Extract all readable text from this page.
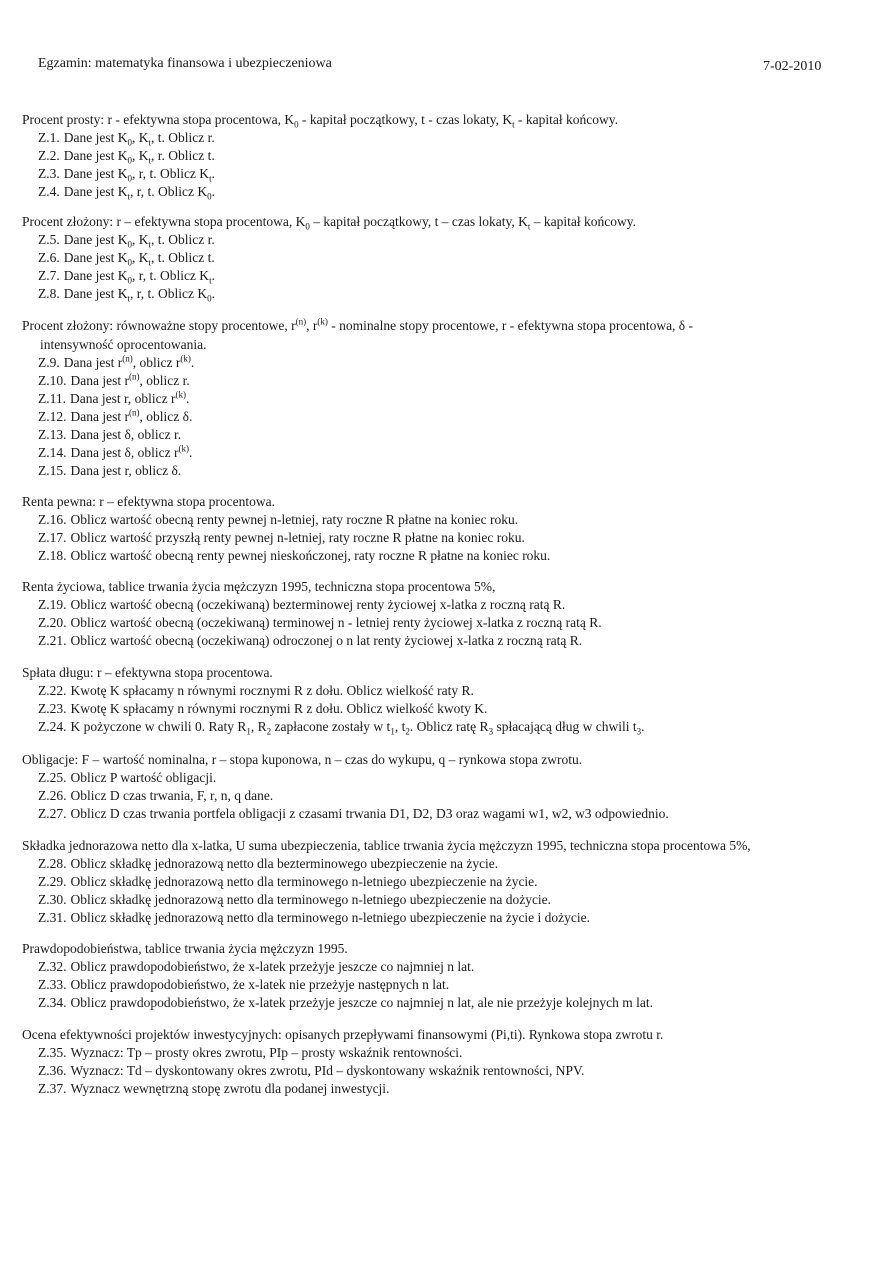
Egzamin: matematyka finansowa i ubezpieczeniowa	7-02-2010
Procent prosty: r - efektywna stopa procentowa, $K_0$ - kapitał początkowy, t - czas lokaty, $K_t$ - kapitał końcowy.
Z.1. Dane jest $K_0$, $K_t$, t. Oblicz r.
Z.2. Dane jest $K_0$, $K_t$, r. Oblicz t.
Z.3. Dane jest $K_0$, r, t. Oblicz $K_t$.
Z.4. Dane jest $K_t$, r, t. Oblicz $K_0$.
Procent złożony: r – efektywna stopa procentowa, $K_0$ – kapitał początkowy, t – czas lokaty, $K_t$ – kapitał końcowy.
Z.5. Dane jest $K_0$, $K_t$, t. Oblicz r.
Z.6. Dane jest $K_0$, $K_t$, t. Oblicz t.
Z.7. Dane jest $K_0$, r, t. Oblicz $K_t$.
Z.8. Dane jest $K_t$, r, t. Oblicz $K_0$.
Procent złożony: równoważne stopy procentowe, $r^{(n)}$, $r^{(k)}$ - nominalne stopy procentowe, r - efektywna stopa procentowa, δ -
intensywność oprocentowania.
Z.9. Dana jest $r^{(n)}$, oblicz $r^{(k)}$.
Z.10. Dana jest $r^{(n)}$, oblicz r.
Z.11. Dana jest r, oblicz $r^{(k)}$.
Z.12. Dana jest $r^{(n)}$, oblicz δ.
Z.13. Dana jest δ, oblicz r.
Z.14. Dana jest δ, oblicz $r^{(k)}$.
Z.15. Dana jest r, oblicz δ.
Renta pewna: r – efektywna stopa procentowa.
Z.16. Oblicz wartość obecną renty pewnej n-letniej, raty roczne R płatne na koniec roku.
Z.17. Oblicz wartość przyszłą renty pewnej n-letniej, raty roczne R płatne na koniec roku.
Z.18. Oblicz wartość obecną renty pewnej nieskończonej, raty roczne R płatne na koniec roku.
Renta życiowa, tablice trwania życia mężczyzn 1995, techniczna stopa procentowa 5%,
Z.19. Oblicz wartość obecną (oczekiwaną) bezterminowej renty życiowej x-latka z roczną ratą R.
Z.20. Oblicz wartość obecną (oczekiwaną) terminowej n - letniej renty życiowej x-latka z roczną ratą R.
Z.21. Oblicz wartość obecną (oczekiwaną) odroczonej o n lat renty życiowej x-latka z roczną ratą R.
Spłata długu: r – efektywna stopa procentowa.
Z.22. Kwotę K spłacamy n równymi rocznymi R z dołu. Oblicz wielkość raty R.
Z.23. Kwotę K spłacamy n równymi rocznymi R z dołu. Oblicz wielkość kwoty K.
Z.24. K pożyczone w chwili 0. Raty $R_1$, $R_2$ zapłacone zostały w $t_1$, $t_2$. Oblicz ratę $R_3$ spłacającą dług w chwili $t_3$.
Obligacje: F – wartość nominalna, r – stopa kuponowa, n – czas do wykupu, q – rynkowa stopa zwrotu.
Z.25. Oblicz P wartość obligacji.
Z.26. Oblicz D czas trwania, F, r, n, q dane.
Z.27. Oblicz D czas trwania portfela obligacji z czasami trwania D1, D2, D3 oraz wagami w1, w2, w3 odpowiednio.
Składka jednorazowa netto dla x-latka, U suma ubezpieczenia, tablice trwania życia mężczyzn 1995, techniczna stopa procentowa 5%,
Z.28. Oblicz składkę jednorazową netto dla bezterminowego ubezpieczenie na życie.
Z.29. Oblicz składkę jednorazową netto dla terminowego n-letniego ubezpieczenie na życie.
Z.30. Oblicz składkę jednorazową netto dla terminowego n-letniego ubezpieczenie na dożycie.
Z.31. Oblicz składkę jednorazową netto dla terminowego n-letniego ubezpieczenie na życie i dożycie.
Prawdopodobieństwa, tablice trwania życia mężczyzn 1995.
Z.32. Oblicz prawdopodobieństwo, że x-latek przeżyje jeszcze co najmniej n lat.
Z.33. Oblicz prawdopodobieństwo, że x-latek nie przeżyje następnych n lat.
Z.34. Oblicz prawdopodobieństwo, że x-latek przeżyje jeszcze co najmniej n lat, ale nie przeżyje kolejnych m lat.
Ocena efektywności projektów inwestycyjnych: opisanych przepływami finansowymi (Pi,ti). Rynkowa stopa zwrotu r.
Z.35. Wyznacz: Tp – prosty okres zwrotu, PIp – prosty wskaźnik rentowności.
Z.36. Wyznacz: Td – dyskontowany okres zwrotu, PId – dyskontowany wskaźnik rentowności, NPV.
Z.37. Wyznacz wewnętrzną stopę zwrotu dla podanej inwestycji.
